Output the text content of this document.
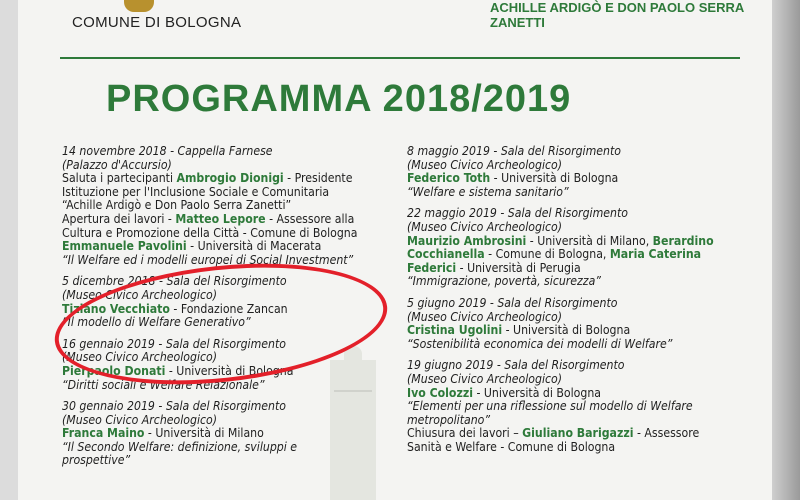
COMUNE DI BOLOGNA
ACHILLE ARDIGÒ E DON PAOLO SERRA ZANETTI
PROGRAMMA 2018/2019
14 novembre 2018 - Cappella Farnese
(Palazzo d'Accursio)
Saluta i partecipanti Ambrogio Dionigi - Presidente
Istituzione per l'Inclusione Sociale e Comunitaria
“Achille Ardigò e Don Paolo Serra Zanetti”
Apertura dei lavori - Matteo Lepore - Assessore alla
Cultura e Promozione della Città - Comune di Bologna
Emmanuele Pavolini - Università di Macerata
“Il Welfare ed i modelli europei di Social Investment”
5 dicembre 2018 - Sala del Risorgimento
(Museo Civico Archeologico)
Tiziano Vecchiato - Fondazione Zancan
“Il modello di Welfare Generativo”
16 gennaio 2019 - Sala del Risorgimento
(Museo Civico Archeologico)
Pierpaolo Donati - Università di Bologna
“Diritti sociali e Welfare Relazionale”
30 gennaio 2019 - Sala del Risorgimento
(Museo Civico Archeologico)
Franca Maino - Università di Milano
“Il Secondo Welfare: definizione, sviluppi e
prospettive”
8 maggio 2019 - Sala del Risorgimento
(Museo Civico Archeologico)
Federico Toth - Università di Bologna
“Welfare e sistema sanitario”
22 maggio 2019 - Sala del Risorgimento
(Museo Civico Archeologico)
Maurizio Ambrosini - Università di Milano, Berardino
Cocchianella - Comune di Bologna, Maria Caterina
Federici - Università di Perugia
“Immigrazione, povertà, sicurezza”
5 giugno 2019 - Sala del Risorgimento
(Museo Civico Archeologico)
Cristina Ugolini - Università di Bologna
“Sostenibilità economica dei modelli di Welfare”
19 giugno 2019 - Sala del Risorgimento
(Museo Civico Archeologico)
Ivo Colozzi - Università di Bologna
“Elementi per una riflessione sul modello di Welfare
metropolitano”
Chiusura dei lavori – Giuliano Barigazzi - Assessore
Sanità e Welfare - Comune di Bologna
